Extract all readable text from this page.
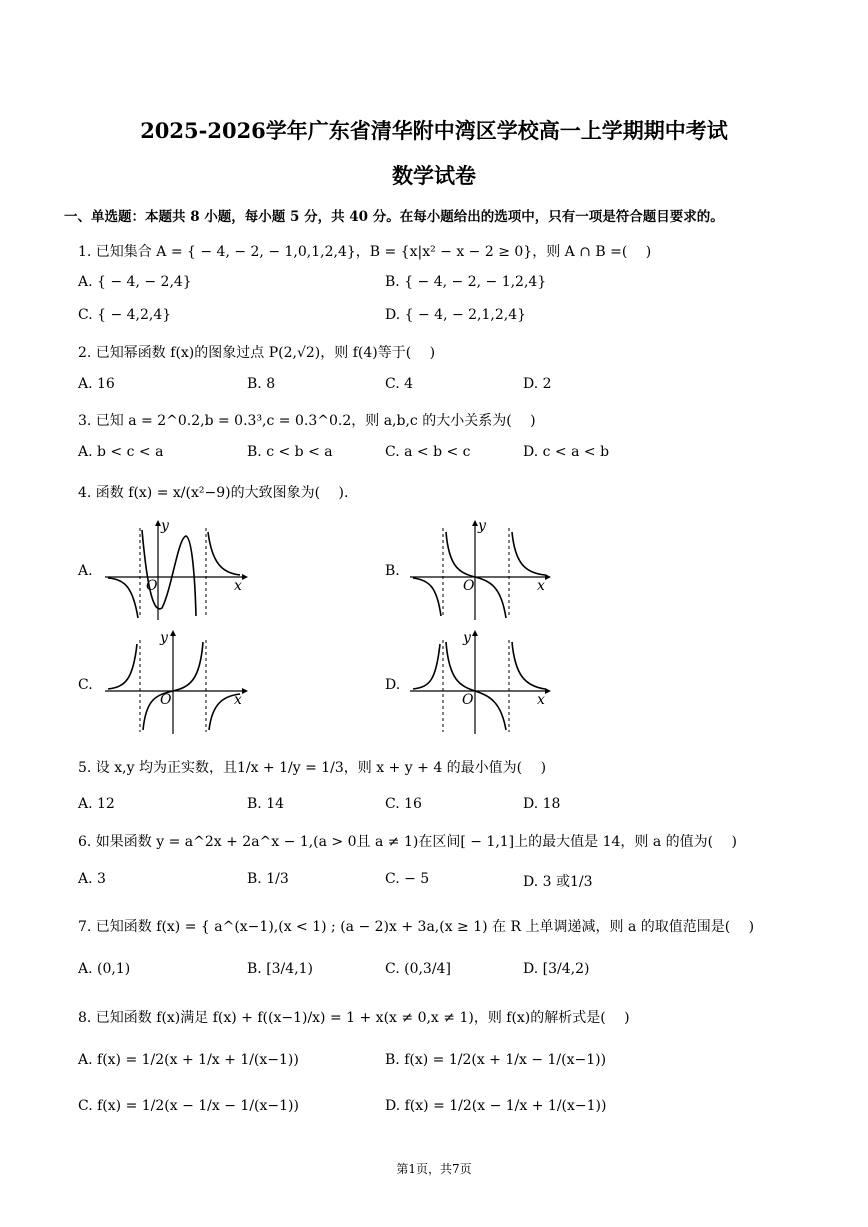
2025-2026学年广东省清华附中湾区学校高一上学期期中考试
数学试卷
一、单选题：本题共 8 小题，每小题 5 分，共 40 分。在每小题给出的选项中，只有一项是符合题目要求的。
1. 已知集合 A = { − 4, − 2, − 1,0,1,2,4}，B = {x|x² − x − 2 ≥ 0}，则 A ∩ B =(　 )
A. { − 4, − 2,4}	B. { − 4, − 2, − 1,2,4}
C. { − 4,2,4}	D. { − 4, − 2,1,2,4}
2. 已知幂函数 f(x)的图象过点 P(2,√2)，则 f(4)等于(　 )
A. 16	B. 8	C. 4	D. 2
3. 已知 a = 2^0.2,b = 0.3³,c = 0.3^0.2，则 a,b,c 的大小关系为(　 )
A. b < c < a	B. c < b < a	C. a < b < c	D. c < a < b
4. 函数 f(x) = x/(x²−9)的大致图象为(　 ).
A.
y
x
O
B.
y
x
O
C.
y
x
O
D.
y
x
O
5. 设 x,y 均为正实数，且1/x + 1/y = 1/3，则 x + y + 4 的最小值为(　 )
A. 12	B. 14	C. 16	D. 18
6. 如果函数 y = a^2x + 2a^x − 1,(a > 0且 a ≠ 1)在区间[ − 1,1]上的最大值是 14，则 a 的值为(　 )
A. 3	B. 1/3	C. − 5	D. 3 或1/3
7. 已知函数 f(x) = { a^(x−1),(x < 1) ; (a − 2)x + 3a,(x ≥ 1) 在 R 上单调递减，则 a 的取值范围是(　 )
A. (0,1)	B. [3/4,1)	C. (0,3/4]	D. [3/4,2)
8. 已知函数 f(x)满足 f(x) + f((x−1)/x) = 1 + x(x ≠ 0,x ≠ 1)，则 f(x)的解析式是(　 )
A. f(x) = 1/2(x + 1/x + 1/(x−1))	B. f(x) = 1/2(x + 1/x − 1/(x−1))
C. f(x) = 1/2(x − 1/x − 1/(x−1))	D. f(x) = 1/2(x − 1/x + 1/(x−1))
第1页，共7页
